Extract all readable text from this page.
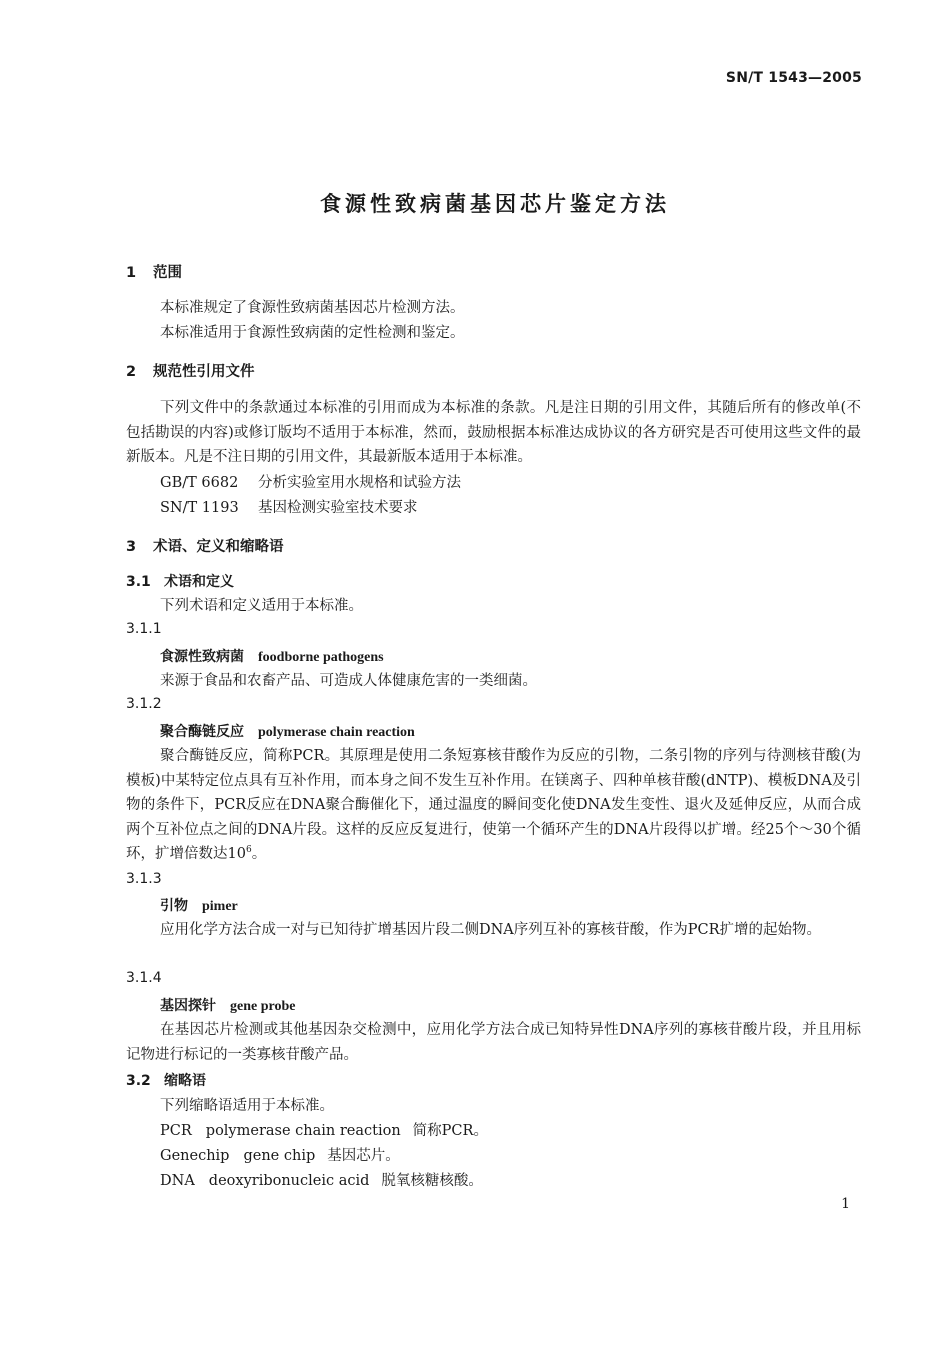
SN/T 1543—2005
食源性致病菌基因芯片鉴定方法
1 范围
本标准规定了食源性致病菌基因芯片检测方法。
本标准适用于食源性致病菌的定性检测和鉴定。
2 规范性引用文件
下列文件中的条款通过本标准的引用而成为本标准的条款。凡是注日期的引用文件，其随后所有的修改单(不包括勘误的内容)或修订版均不适用于本标准，然而，鼓励根据本标准达成协议的各方研究是否可使用这些文件的最新版本。凡是不注日期的引用文件，其最新版本适用于本标准。
GB/T 6682 分析实验室用水规格和试验方法
SN/T 1193 基因检测实验室技术要求
3 术语、定义和缩略语
3.1 术语和定义
下列术语和定义适用于本标准。
3.1.1
食源性致病菌 foodborne pathogens
来源于食品和农畜产品、可造成人体健康危害的一类细菌。
3.1.2
聚合酶链反应 polymerase chain reaction
聚合酶链反应，简称PCR。其原理是使用二条短寡核苷酸作为反应的引物，二条引物的序列与待测核苷酸(为模板)中某特定位点具有互补作用，而本身之间不发生互补作用。在镁离子、四种单核苷酸(dNTP)、模板DNA及引物的条件下，PCR反应在DNA聚合酶催化下，通过温度的瞬间变化使DNA发生变性、退火及延伸反应，从而合成两个互补位点之间的DNA片段。这样的反应反复进行，使第一个循环产生的DNA片段得以扩增。经25个～30个循环，扩增倍数达$10^6$。
3.1.3
引物 pimer
应用化学方法合成一对与已知待扩增基因片段二侧DNA序列互补的寡核苷酸，作为PCR扩增的起始物。
3.1.4
基因探针 gene probe
在基因芯片检测或其他基因杂交检测中，应用化学方法合成已知特异性DNA序列的寡核苷酸片段，并且用标记物进行标记的一类寡核苷酸产品。
3.2 缩略语
下列缩略语适用于本标准。
PCR polymerase chain reaction 简称PCR。
Genechip gene chip 基因芯片。
DNA deoxyribonucleic acid 脱氧核糖核酸。
1
